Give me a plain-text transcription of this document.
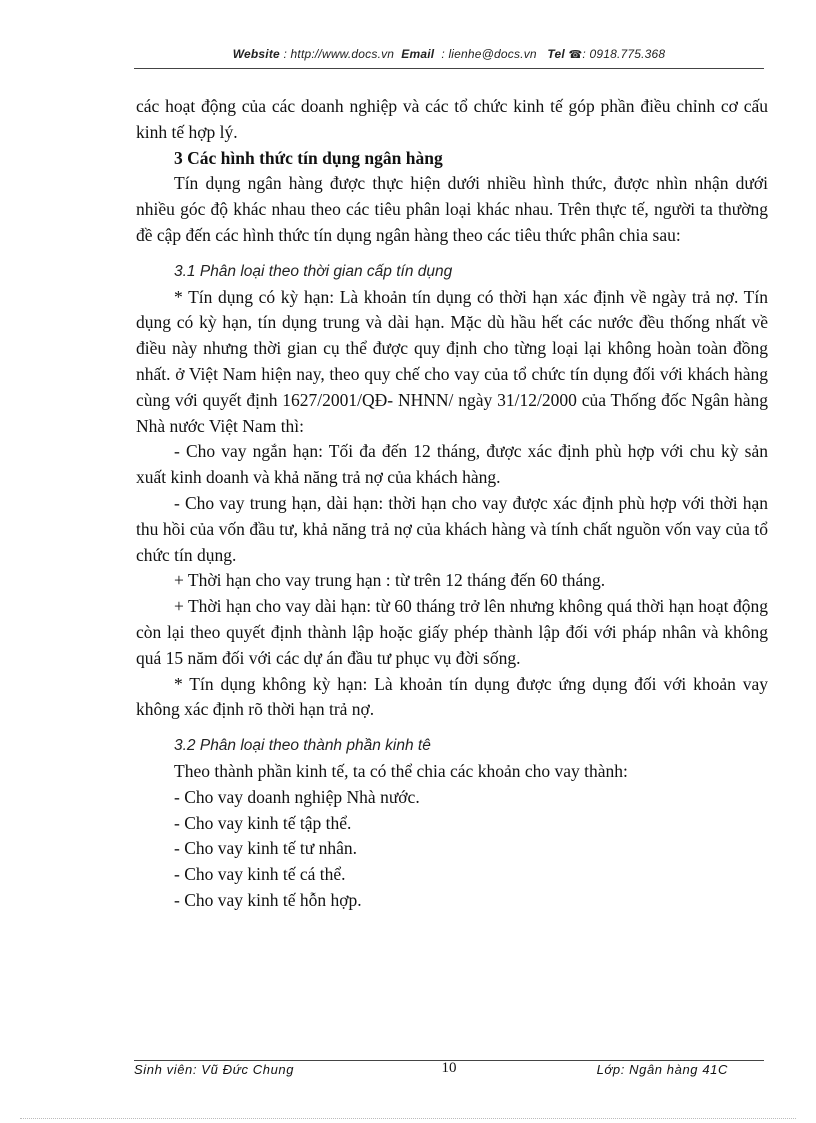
Website : http://www.docs.vn Email  : lienhe@docs.vn Tel ☎: 0918.775.368

các hoạt động của các doanh nghiệp và các tổ chức kinh tế góp phần điều chỉnh cơ cấu kinh tế hợp lý.

3 Các hình thức tín dụng ngân hàng

Tín dụng ngân hàng được thực hiện dưới nhiều hình thức, được nhìn nhận dưới nhiều góc độ khác nhau theo các tiêu phân loại khác nhau. Trên thực tế, người ta thường đề cập đến các hình thức tín dụng ngân hàng theo các tiêu thức phân chia sau:

3.1 Phân loại theo thời gian cấp tín dụng

* Tín dụng có kỳ hạn: Là khoản tín dụng có thời hạn xác định về ngày trả nợ. Tín dụng có kỳ hạn, tín dụng trung và dài hạn. Mặc dù hầu hết các nước đều thống nhất về điều này nhưng thời gian cụ thể được quy định cho từng loại lại không hoàn toàn đồng nhất. ở Việt Nam hiện nay, theo quy chế cho vay của tổ chức tín dụng đối với khách hàng cùng với quyết định 1627/2001/QĐ- NHNN/ ngày 31/12/2000 của Thống đốc Ngân hàng Nhà nước Việt Nam thì:

- Cho vay ngắn hạn: Tối đa đến 12 tháng, được xác định phù hợp với chu kỳ sản xuất kinh doanh và khả năng trả nợ của khách hàng.

- Cho vay trung hạn, dài hạn: thời hạn cho vay được xác định phù hợp với thời hạn thu hồi của vốn đầu tư, khả năng trả nợ của khách hàng và tính chất nguồn vốn vay của tổ chức tín dụng.

+ Thời hạn cho vay trung hạn : từ trên 12 tháng đến 60 tháng.

+ Thời hạn cho vay dài hạn: từ 60 tháng trở lên nhưng không quá thời hạn hoạt động còn lại theo quyết định thành lập hoặc giấy phép thành lập đối với pháp nhân và không quá 15 năm đối với các dự án đầu tư phục vụ đời sống.

* Tín dụng không kỳ hạn: Là khoản tín dụng được ứng dụng đối với khoản vay không xác định rõ thời hạn trả nợ.

3.2 Phân loại theo thành phần kinh tê

Theo thành phần kinh tế, ta có thể chia các khoản cho vay thành:

- Cho vay doanh nghiệp Nhà nước.

- Cho vay kinh tế tập thể.

- Cho vay kinh tế tư nhân.

- Cho vay kinh tế cá thể.

- Cho vay kinh tế hỗn hợp.

Sinh viên: Vũ Đức Chung	10	Lớp: Ngân hàng 41C
